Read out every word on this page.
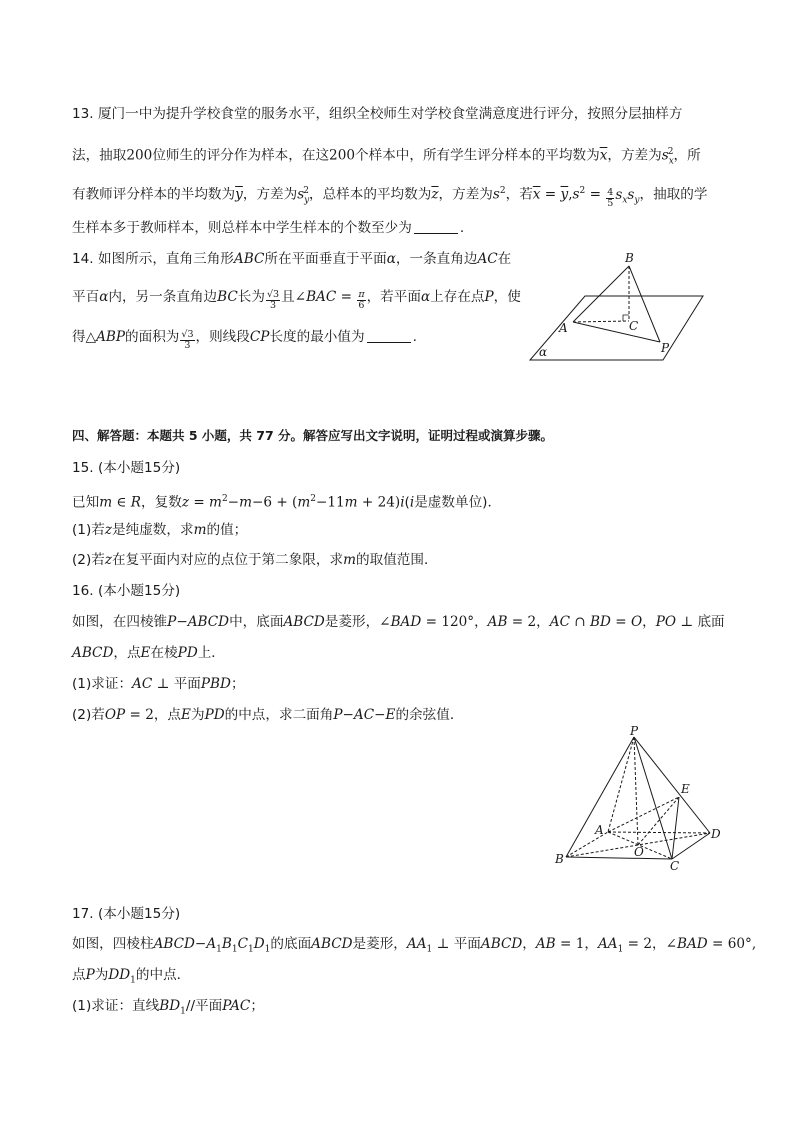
13. 厦门一中为提升学校食堂的服务水平，组织全校师生对学校食堂满意度进行评分，按照分层抽样方
法，抽取200位师生的评分作为样本，在这200个样本中，所有学生评分样本的平均数为$\overline{x}$，方差为$s_x^2$，所
有教师评分样本的半均数为$\overline{y}$，方差为$s_y^2$，总样本的平均数为$\overline{z}$，方差为$s^2$，若$\overline{x} = \overline{y},s^2 = \frac{4}{5} s_xs_y$，抽取的学
生样本多于教师样本，则总样本中学生样本的个数至少为	.
14. 如图所示，直角三角形ABC所在平面垂直于平面α，一条直角边AC在
平百α内，另一条直角边BC长为 $\frac{√3}{3}$ 且∠BAC = $\frac{\pi}{6}$ ，若平面α上存在点P，使
得△ABP的面积为 $\frac{√3}{3}$ ，则线段CP长度的最小值为	.
B
A	C
P
α
四、解答题：本题共 5 小题，共 77 分。解答应写出文字说明，证明过程或演算步骤。
15. (本小题15分)
已知m ∈ R，复数$z = m^2-m-6 + (m^2-11m + 24)i(i$是虚数单位)．
(1)若z是纯虚数，求m的值；
(2)若z在复平面内对应的点位于第二象限，求m的取值范围．
16. (本小题15分)
如图，在四棱锥P−ABCD中，底面ABCD是菱形，∠BAD = 120°，AB = 2，AC ∩ BD = O，PO ⊥ 底面
ABCD，点E在棱PD上．
(1)求证：AC ⊥ 平面PBD；
(2)若OP = 2，点E为PD的中点，求二面角P−AC−E的余弦值．
P
E
A	D
O
B	C
17. (本小题15分)
如图，四棱柱$ABCD-A_1B_1C_1D_1$的底面ABCD是菱形，$AA_1$ ⊥ 平面ABCD，AB = 1，$AA_1 = 2$，∠BAD = 60°,
点P为$DD_1$的中点．
(1)求证：直线$BD_1//$平面PAC；
